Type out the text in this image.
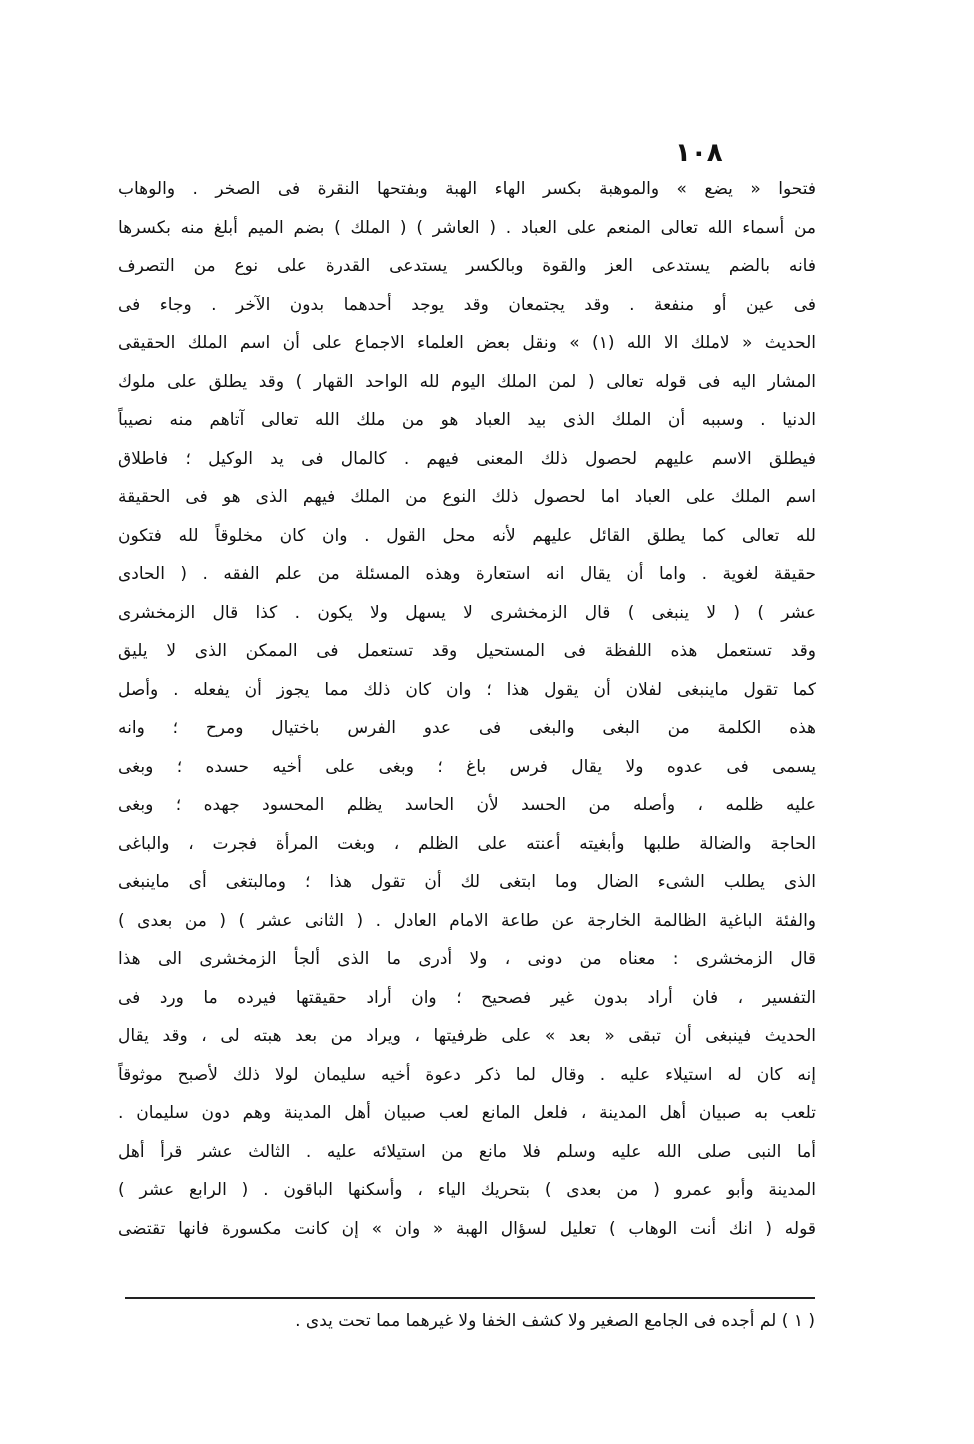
١٠٨
فتحوا « يضع » والموهبة بكسر الهاء الهبة وبفتحها النقرة فى الصخر . والوهاب
من أسماء الله تعالى المنعم على العباد . ( العاشر ) ( الملك ) بضم الميم أبلغ منه بكسرها
فانه بالضم يستدعى العز والقوة وبالكسر يستدعى القدرة على نوع من التصرف
فى عين أو منفعة . وقد يجتمعان وقد يوجد أحدهما بدون الآخر . وجاء فى
الحديث « لاملك الا الله (١) » ونقل بعض العلماء الاجماع على أن اسم الملك الحقيقى
المشار اليه فى قوله تعالى ( لمن الملك اليوم لله الواحد القهار ) وقد يطلق على ملوك
الدنيا . وسببه أن الملك الذى بيد العباد هو من ملك الله تعالى آتاهم منه نصيباً
فيطلق الاسم عليهم لحصول ذلك المعنى فيهم . كالمال فى يد الوكيل ؛ فاطلاق
اسم الملك على العباد اما لحصول ذلك النوع من الملك فيهم الذى هو فى الحقيقة
لله تعالى كما يطلق القائل عليهم لأنه محل القول . وان كان مخلوقاً لله فتكون
حقيقة لغوية . واما أن يقال انه استعارة وهذه المسئلة من علم الفقه . ( الحادى
عشر ) ( لا ينبغى ) قال الزمخشرى لا يسهل ولا يكون . كذا قال الزمخشرى
وقد تستعمل هذه اللفظة فى المستحيل وقد تستعمل فى الممكن الذى لا يليق
كما تقول ماينبغى لفلان أن يقول هذا ؛ وان كان ذلك مما يجوز أن يفعله . وأصل
هذه الكلمة من البغى والبغى فى عدو الفرس باختيال ومرح ؛ وانه
يسمى فى عدوه ولا يقال فرس باغ ؛ وبغى على أخيه حسده ؛ وبغى
عليه ظلمه ، وأصله من الحسد لأن الحاسد يظلم المحسود جهده ؛ وبغى
الحاجة والضالة طلبها وأبغيته أعنته على الظلم ، وبغت المرأة فجرت ، والباغى
الذى يطلب الشىء الضال وما ابتغى لك أن تقول هذا ؛ ومالبتغى أى ماينبغى
والفئة الباغية الظالمة الخارجة عن طاعة الامام العادل . ( الثانى عشر ) ( من بعدى )
قال الزمخشرى : معناه من دونى ، ولا أدرى ما الذى ألجأ الزمخشرى الى هذا
التفسير ، فان أراد بدون غير فصحيح ؛ وان أراد حقيقتها فيرده ما ورد فى
الحديث فينبغى أن تبقى « بعد » على ظرفيتها ، ويراد من بعد هبته لى ، وقد يقال
إنه كان له استيلاء عليه . وقال لما ذكر دعوة أخيه سليمان لولا ذلك لأصبح موثوقاً
تلعب به صبيان أهل المدينة ، فلعل المانع لعب صبيان أهل المدينة وهم دون سليمان .
أما النبى صلى الله عليه وسلم فلا مانع من استيلائه عليه . الثالث عشر قرأ أهل
المدينة وأبو عمرو ( من بعدى ) بتحريك الياء ، وأسكنها الباقون . ( الرابع عشر )
قوله ( انك أنت الوهاب ) تعليل لسؤال الهبة « وان » إن كانت مكسورة فانها تقتضى
( ١ ) لم أجده فى الجامع الصغير ولا كشف الخفا ولا غيرهما مما تحت يدى .
